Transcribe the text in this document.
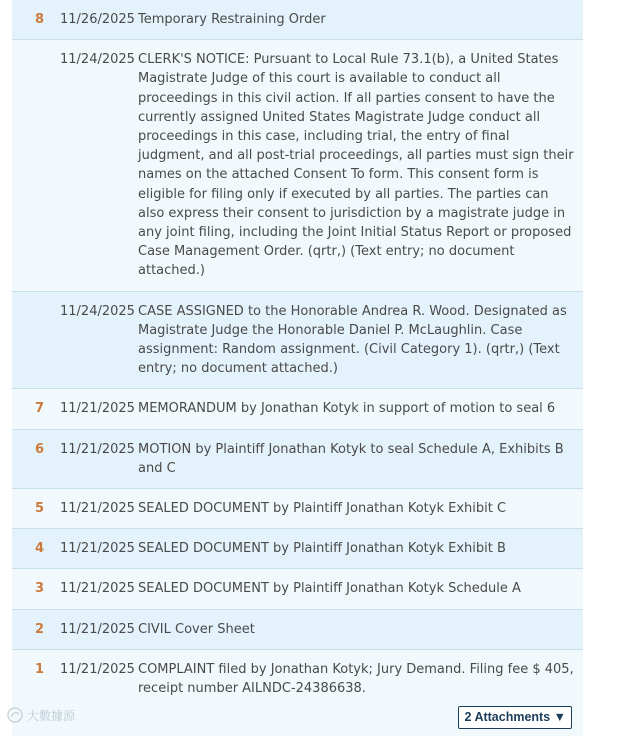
8 11/26/2025 Temporary Restraining Order
11/24/2025 CLERK'S NOTICE: Pursuant to Local Rule 73.1(b), a United States Magistrate Judge of this court is available to conduct all proceedings in this civil action. If all parties consent to have the currently assigned United States Magistrate Judge conduct all proceedings in this case, including trial, the entry of final judgment, and all post-trial proceedings, all parties must sign their names on the attached Consent To form. This consent form is eligible for filing only if executed by all parties. The parties can also express their consent to jurisdiction by a magistrate judge in any joint filing, including the Joint Initial Status Report or proposed Case Management Order. (qrtr,) (Text entry; no document attached.)
11/24/2025 CASE ASSIGNED to the Honorable Andrea R. Wood. Designated as Magistrate Judge the Honorable Daniel P. McLaughlin. Case assignment: Random assignment. (Civil Category 1). (qrtr,) (Text entry; no document attached.)
7 11/21/2025 MEMORANDUM by Jonathan Kotyk in support of motion to seal 6
6 11/21/2025 MOTION by Plaintiff Jonathan Kotyk to seal Schedule A, Exhibits B and C
5 11/21/2025 SEALED DOCUMENT by Plaintiff Jonathan Kotyk Exhibit C
4 11/21/2025 SEALED DOCUMENT by Plaintiff Jonathan Kotyk Exhibit B
3 11/21/2025 SEALED DOCUMENT by Plaintiff Jonathan Kotyk Schedule A
2 11/21/2025 CIVIL Cover Sheet
1 11/21/2025 COMPLAINT filed by Jonathan Kotyk; Jury Demand. Filing fee $ 405, receipt number AILNDC-24386638.
2 Attachments ▼
大數據源
